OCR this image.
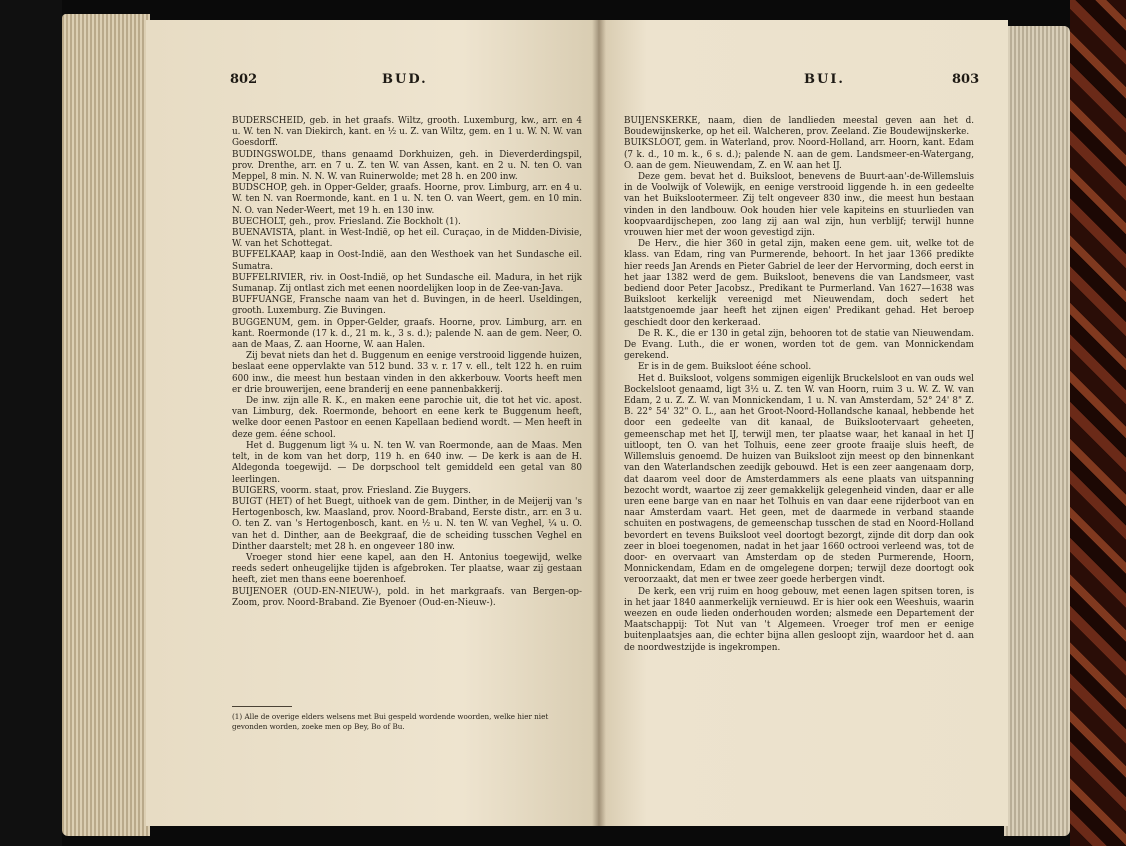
802	BUD.

BUDERSCHEID, geb. in het graafs. Wiltz, grooth. Luxemburg, kw., arr. en 4 u. W. ten N. van Diekirch, kant. en ½ u. Z. van Wiltz, gem. en 1 u. W. N. W. van Goesdorff.

BUDINGSWOLDE, thans genaamd Dorkhuizen, geh. in Dieverderdingspil, prov. Drenthe, arr. en 7 u. Z. ten W. van Assen, kant. en 2 u. N. ten O. van Meppel, 8 min. N. N. W. van Ruinerwolde; met 28 h. en 200 inw.

BUDSCHOP, geh. in Opper-Gelder, graafs. Hoorne, prov. Limburg, arr. en 4 u. W. ten N. van Roermonde, kant. en 1 u. N. ten O. van Weert, gem. en 10 min. N. O. van Neder-Weert, met 19 h. en 130 inw.

BUECHOLT, geh., prov. Friesland. Zie Bockholt (1).

BUENAVISTA, plant. in West-Indië, op het eil. Curaçao, in de Midden-Divisie, W. van het Schottegat.

BUFFELKAAP, kaap in Oost-Indië, aan den Westhoek van het Sundasche eil. Sumatra.

BUFFELRIVIER, riv. in Oost-Indië, op het Sundasche eil. Madura, in het rijk Sumanap. Zij ontlast zich met eenen noordelijken loop in de Zee-van-Java.

BUFFUANGE, Fransche naam van het d. Buvingen, in de heerl. Useldingen, grooth. Luxemburg. Zie Buvingen.

BUGGENUM, gem. in Opper-Gelder, graafs. Hoorne, prov. Limburg, arr. en kant. Roermonde (17 k. d., 21 m. k., 3 s. d.); palende N. aan de gem. Neer, O. aan de Maas, Z. aan Hoorne, W. aan Halen.

Zij bevat niets dan het d. Buggenum en eenige verstrooid liggende huizen, beslaat eene oppervlakte van 512 bund. 33 v. r. 17 v. ell., telt 122 h. en ruim 600 inw., die meest hun bestaan vinden in den akkerbouw. Voorts heeft men er drie brouwerijen, eene branderij en eene pannenbakkerij.

De inw. zijn alle R. K., en maken eene parochie uit, die tot het vic. apost. van Limburg, dek. Roermonde, behoort en eene kerk te Buggenum heeft, welke door eenen Pastoor en eenen Kapellaan bediend wordt. — Men heeft in deze gem. ééne school.

Het d. Buggenum ligt ¾ u. N. ten W. van Roermonde, aan de Maas. Men telt, in de kom van het dorp, 119 h. en 640 inw. — De kerk is aan de H. Aldegonda toegewijd. — De dorpschool telt gemiddeld een getal van 80 leerlingen.

BUIGERS, voorm. staat, prov. Friesland. Zie Buygers.

BUIGT (HET) of het Buegt, uithoek van de gem. Dinther, in de Meijerij van 's Hertogenbosch, kw. Maasland, prov. Noord-Braband, Eerste distr., arr. en 3 u. O. ten Z. van 's Hertogenbosch, kant. en ½ u. N. ten W. van Veghel, ¼ u. O. van het d. Dinther, aan de Beekgraaf, die de scheiding tusschen Veghel en Dinther daarstelt; met 28 h. en ongeveer 180 inw.

Vroeger stond hier eene kapel, aan den H. Antonius toegewijd, welke reeds sedert onheugelijke tijden is afgebroken. Ter plaatse, waar zij gestaan heeft, ziet men thans eene boerenhoef.

BUIJENOER (OUD-EN-NIEUW-), pold. in het markgraafs. van Bergen-op-Zoom, prov. Noord-Braband. Zie Byenoer (Oud-en-Nieuw-).

(1) Alle de overige elders welsens met Bui gespeld wordende woorden, welke hier niet gevonden worden, zoeke men op Bey, Bo of Bu.
BUI.	803

BUIJENSKERKE, naam, dien de landlieden meestal geven aan het d. Boudewijnskerke, op het eil. Walcheren, prov. Zeeland. Zie Boudewijnskerke.

BUIKSLOOT, gem. in Waterland, prov. Noord-Holland, arr. Hoorn, kant. Edam (7 k. d., 10 m. k., 6 s. d.); palende N. aan de gem. Landsmeer-en-Watergang, O. aan de gem. Nieuwendam, Z. en W. aan het IJ.

Deze gem. bevat het d. Buiksloot, benevens de Buurt-aan'-de-Willemsluis in de Voolwijk of Volewijk, en eenige verstrooid liggende h. in een gedeelte van het Buikslootermeer. Zij telt ongeveer 830 inw., die meest hun bestaan vinden in den landbouw. Ook houden hier vele kapiteins en stuurlieden van koopvaardijschepen, zoo lang zij aan wal zijn, hun verblijf; terwijl hunne vrouwen hier met der woon gevestigd zijn.

De Herv., die hier 360 in getal zijn, maken eene gem. uit, welke tot de klass. van Edam, ring van Purmerende, behoort. In het jaar 1366 predikte hier reeds Jan Arends en Pieter Gabriel de leer der Hervorming, doch eerst in het jaar 1382 werd de gem. Buiksloot, benevens die van Landsmeer, vast bediend door Peter Jacobsz., Predikant te Purmerland. Van 1627—1638 was Buiksloot kerkelijk vereenigd met Nieuwendam, doch sedert het laatstgenoemde jaar heeft het zijnen eigen' Predikant gehad. Het beroep geschiedt door den kerkeraad.

De R. K., die er 130 in getal zijn, behooren tot de statie van Nieuwendam. De Evang. Luth., die er wonen, worden tot de gem. van Monnickendam gerekend.

Er is in de gem. Buiksloot ééne school.

Het d. Buiksloot, volgens sommigen eigenlijk Bruckelsloot en van ouds wel Bockelsloot genaamd, ligt 3½ u. Z. ten W. van Hoorn, ruim 3 u. W. Z. W. van Edam, 2 u. Z. Z. W. van Monnickendam, 1 u. N. van Amsterdam, 52° 24' 8" Z. B. 22° 54' 32" O. L., aan het Groot-Noord-Hollandsche kanaal, hebbende het door een gedeelte van dit kanaal, de Buikslootervaart geheeten, gemeenschap met het IJ, terwijl men, ter plaatse waar, het kanaal in het IJ uitloopt, ten O. van het Tolhuis, eene zeer groote fraaije sluis heeft, de Willemsluis genoemd. De huizen van Buiksloot zijn meest op den binnenkant van den Waterlandschen zeedijk gebouwd. Het is een zeer aangenaam dorp, dat daarom veel door de Amsterdammers als eene plaats van uitspanning bezocht wordt, waartoe zij zeer gemakkelijk gelegenheid vinden, daar er alle uren eene barge van en naar het Tolhuis en van daar eene rijderboot van en naar Amsterdam vaart. Het geen, met de daarmede in verband staande schuiten en postwagens, de gemeenschap tusschen de stad en Noord-Holland bevordert en tevens Buiksloot veel doortogt bezorgt, zijnde dit dorp dan ook zeer in bloei toegenomen, nadat in het jaar 1660 octrooi verleend was, tot de door- en overvaart van Amsterdam op de steden Purmerende, Hoorn, Monnickendam, Edam en de omgelegene dorpen; terwijl deze doortogt ook veroorzaakt, dat men er twee zeer goede herbergen vindt.

De kerk, een vrij ruim en hoog gebouw, met eenen lagen spitsen toren, is in het jaar 1840 aanmerkelijk vernieuwd. Er is hier ook een Weeshuis, waarin weezen en oude lieden onderhouden worden; alsmede een Departement der Maatschappij: Tot Nut van 't Algemeen. Vroeger trof men er eenige buitenplaatsjes aan, die echter bijna allen gesloopt zijn, waardoor het d. aan de noordwestzijde is ingekrompen.
